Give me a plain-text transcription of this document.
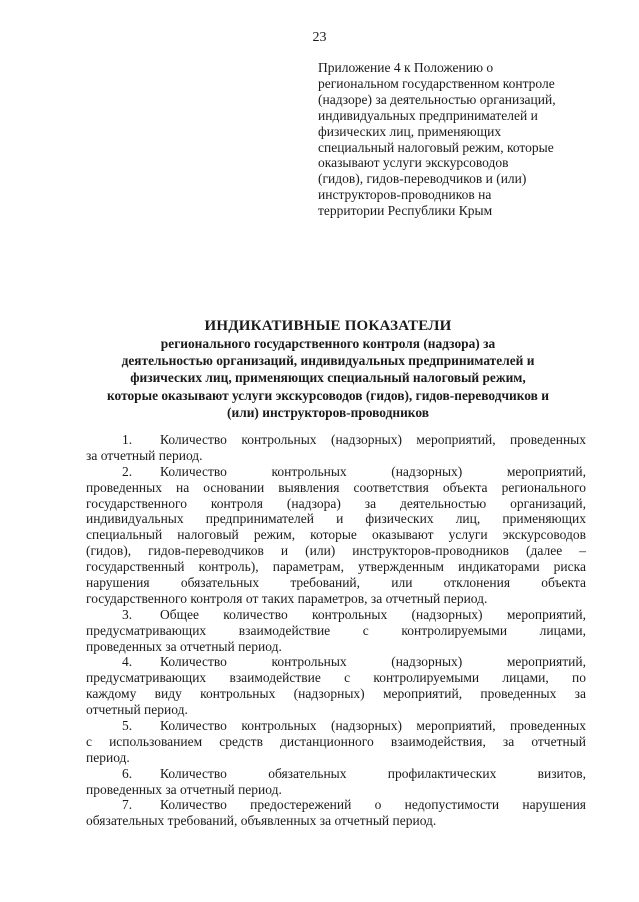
23
Приложение 4 к Положению о
региональном государственном контроле
(надзоре) за деятельностью организаций,
индивидуальных предпринимателей и
физических лиц, применяющих
специальный налоговый режим, которые
оказывают услуги экскурсоводов
(гидов), гидов-переводчиков и (или)
инструкторов-проводников на
территории Республики Крым
ИНДИКАТИВНЫЕ ПОКАЗАТЕЛИ
регионального государственного контроля (надзора) за
деятельностью организаций, индивидуальных предпринимателей и
физических лиц, применяющих специальный налоговый режим,
которые оказывают услуги экскурсоводов (гидов), гидов-переводчиков и
(или) инструкторов-проводников
1. Количество контрольных (надзорных) мероприятий, проведенных
за отчетный период.
2. Количество контрольных (надзорных) мероприятий,
проведенных на основании выявления соответствия объекта регионального
государственного контроля (надзора) за деятельностью организаций,
индивидуальных предпринимателей и физических лиц, применяющих
специальный налоговый режим, которые оказывают услуги экскурсоводов
(гидов), гидов-переводчиков и (или) инструкторов-проводников (далее –
государственный контроль), параметрам, утвержденным индикаторами риска
нарушения обязательных требований, или отклонения объекта
государственного контроля от таких параметров, за отчетный период.
3. Общее количество контрольных (надзорных) мероприятий,
предусматривающих взаимодействие с контролируемыми лицами,
проведенных за отчетный период.
4. Количество контрольных (надзорных) мероприятий,
предусматривающих взаимодействие с контролируемыми лицами, по
каждому виду контрольных (надзорных) мероприятий, проведенных за
отчетный период.
5. Количество контрольных (надзорных) мероприятий, проведенных
с использованием средств дистанционного взаимодействия, за отчетный
период.
6. Количество обязательных профилактических визитов,
проведенных за отчетный период.
7. Количество предостережений о недопустимости нарушения
обязательных требований, объявленных за отчетный период.
